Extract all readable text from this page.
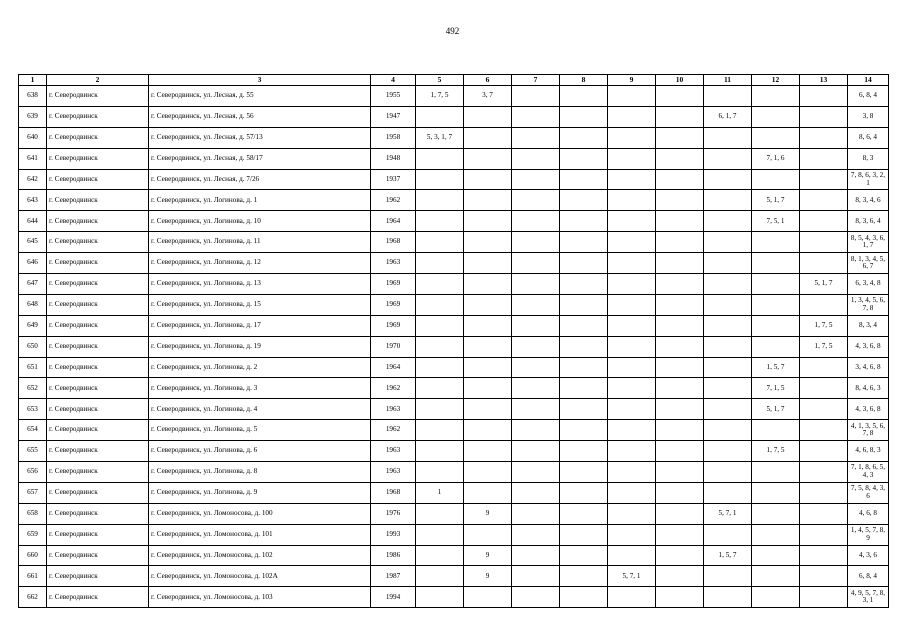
492
1	2	3	4	5	6	7	8	9	10	11	12	13	14
638	г. Северодвинск	г. Северодвинск, ул. Лесная, д. 55	1955	1, 7, 5	3, 7								6, 8, 4
639	г. Северодвинск	г. Северодвинск, ул. Лесная, д. 56	1947							6, 1, 7			3, 8
640	г. Северодвинск	г. Северодвинск, ул. Лесная, д. 57/13	1958	5, 3, 1, 7									8, 6, 4
641	г. Северодвинск	г. Северодвинск, ул. Лесная, д. 58/17	1948								7, 1, 6		8, 3
642	г. Северодвинск	г. Северодвинск, ул. Лесная, д. 7/26	1937										7, 8, 6, 3, 2, 1
643	г. Северодвинск	г. Северодвинск, ул. Логинова, д. 1	1962								5, 1, 7		8, 3, 4, 6
644	г. Северодвинск	г. Северодвинск, ул. Логинова, д. 10	1964								7, 5, 1		8, 3, 6, 4
645	г. Северодвинск	г. Северодвинск, ул. Логинова, д. 11	1968										8, 5, 4, 3, 6, 1, 7
646	г. Северодвинск	г. Северодвинск, ул. Логинова, д. 12	1963										8, 1, 3, 4, 5, 6, 7
647	г. Северодвинск	г. Северодвинск, ул. Логинова, д. 13	1969									5, 1, 7	6, 3, 4, 8
648	г. Северодвинск	г. Северодвинск, ул. Логинова, д. 15	1969										1, 3, 4, 5, 6, 7, 8
649	г. Северодвинск	г. Северодвинск, ул. Логинова, д. 17	1969									1, 7, 5	8, 3, 4
650	г. Северодвинск	г. Северодвинск, ул. Логинова, д. 19	1970									1, 7, 5	4, 3, 6, 8
651	г. Северодвинск	г. Северодвинск, ул. Логинова, д. 2	1964								1, 5, 7		3, 4, 6, 8
652	г. Северодвинск	г. Северодвинск, ул. Логинова, д. 3	1962								7, 1, 5		8, 4, 6, 3
653	г. Северодвинск	г. Северодвинск, ул. Логинова, д. 4	1963								5, 1, 7		4, 3, 6, 8
654	г. Северодвинск	г. Северодвинск, ул. Логинова, д. 5	1962										4, 1, 3, 5, 6, 7, 8
655	г. Северодвинск	г. Северодвинск, ул. Логинова, д. 6	1963								1, 7, 5		4, 6, 8, 3
656	г. Северодвинск	г. Северодвинск, ул. Логинова, д. 8	1963										7, 1, 8, 6, 5, 4, 3
657	г. Северодвинск	г. Северодвинск, ул. Логинова, д. 9	1968	1									7, 5, 8, 4, 3, 6
658	г. Северодвинск	г. Северодвинск, ул. Ломоносова, д. 100	1976		9					5, 7, 1			4, 6, 8
659	г. Северодвинск	г. Северодвинск, ул. Ломоносова, д. 101	1993										1, 4, 5, 7, 8, 9
660	г. Северодвинск	г. Северодвинск, ул. Ломоносова, д. 102	1986		9					1, 5, 7			4, 3, 6
661	г. Северодвинск	г. Северодвинск, ул. Ломоносова, д. 102А	1987		9			5, 7, 1					6, 8, 4
662	г. Северодвинск	г. Северодвинск, ул. Ломоносова, д. 103	1994										4, 9, 5, 7, 8, 3, 1
